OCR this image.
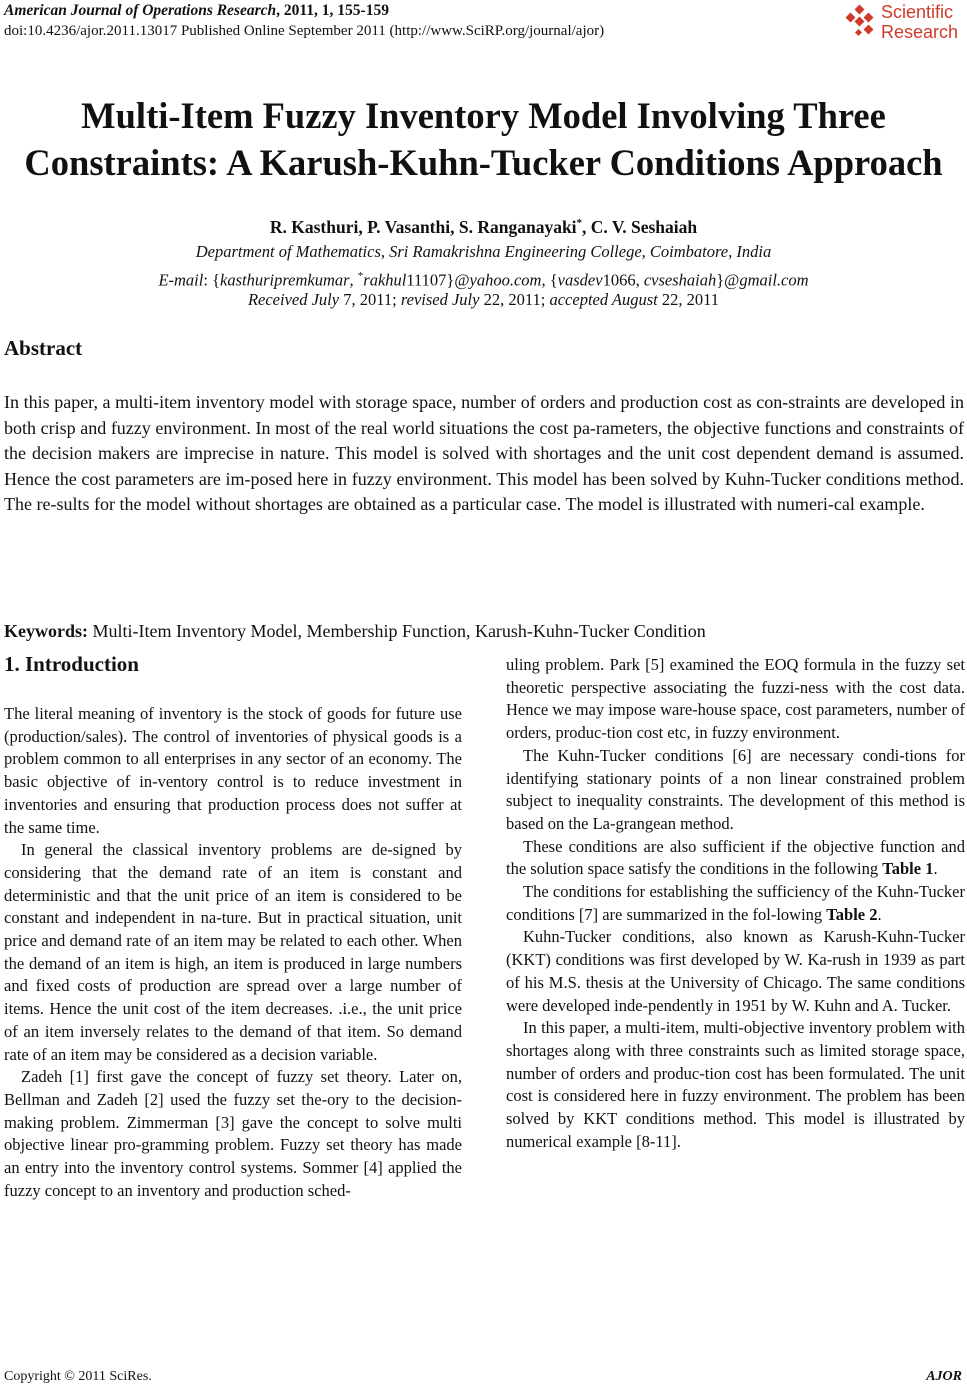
American Journal of Operations Research, 2011, 1, 155-159
doi:10.4236/ajor.2011.13017 Published Online September 2011 (http://www.SciRP.org/journal/ajor)
Scientific
Research
Multi-Item Fuzzy Inventory Model Involving Three
Constraints: A Karush-Kuhn-Tucker Conditions Approach
R. Kasthuri, P. Vasanthi, S. Ranganayaki*, C. V. Seshaiah
Department of Mathematics, Sri Ramakrishna Engineering College, Coimbatore, India
E-mail: {kasthuripremkumar, *rakhul11107}@yahoo.com, {vasdev1066, cvseshaiah}@gmail.com
Received July 7, 2011; revised July 22, 2011; accepted August 22, 2011
Abstract
In this paper, a multi-item inventory model with storage space, number of orders and production cost as con-straints are developed in both crisp and fuzzy environment. In most of the real world situations the cost pa-rameters, the objective functions and constraints of the decision makers are imprecise in nature. This model is solved with shortages and the unit cost dependent demand is assumed. Hence the cost parameters are im-posed here in fuzzy environment. This model has been solved by Kuhn-Tucker conditions method. The re-sults for the model without shortages are obtained as a particular case. The model is illustrated with numeri-cal example.
Keywords: Multi-Item Inventory Model, Membership Function, Karush-Kuhn-Tucker Condition
1. Introduction

The literal meaning of inventory is the stock of goods for future use (production/sales). The control of inventories of physical goods is a problem common to all enterprises in any sector of an economy. The basic objective of in-ventory control is to reduce investment in inventories and ensuring that production process does not suffer at the same time.

In general the classical inventory problems are de-signed by considering that the demand rate of an item is constant and deterministic and that the unit price of an item is considered to be constant and independent in na-ture. But in practical situation, unit price and demand rate of an item may be related to each other. When the demand of an item is high, an item is produced in large numbers and fixed costs of production are spread over a large number of items. Hence the unit cost of the item decreases. .i.e., the unit price of an item inversely relates to the demand of that item. So demand rate of an item may be considered as a decision variable.

Zadeh [1] first gave the concept of fuzzy set theory. Later on, Bellman and Zadeh [2] used the fuzzy set the-ory to the decision-making problem. Zimmerman [3] gave the concept to solve multi objective linear pro-gramming problem. Fuzzy set theory has made an entry into the inventory control systems. Sommer [4] applied the fuzzy concept to an inventory and production sched-

uling problem. Park [5] examined the EOQ formula in the fuzzy set theoretic perspective associating the fuzzi-ness with the cost data. Hence we may impose ware-house space, cost parameters, number of orders, produc-tion cost etc, in fuzzy environment.

The Kuhn-Tucker conditions [6] are necessary condi-tions for identifying stationary points of a non linear constrained problem subject to inequality constraints. The development of this method is based on the La-grangean method.

These conditions are also sufficient if the objective function and the solution space satisfy the conditions in the following Table 1.

The conditions for establishing the sufficiency of the Kuhn-Tucker conditions [7] are summarized in the fol-lowing Table 2.

Kuhn-Tucker conditions, also known as Karush-Kuhn-Tucker (KKT) conditions was first developed by W. Ka-rush in 1939 as part of his M.S. thesis at the University of Chicago. The same conditions were developed inde-pendently in 1951 by W. Kuhn and A. Tucker.

In this paper, a multi-item, multi-objective inventory problem with shortages along with three constraints such as limited storage space, number of orders and produc-tion cost has been formulated. The unit cost is considered here in fuzzy environment. The problem has been solved by KKT conditions method. This model is illustrated by numerical example [8-11].

Copyright © 2011 SciRes.	AJOR
